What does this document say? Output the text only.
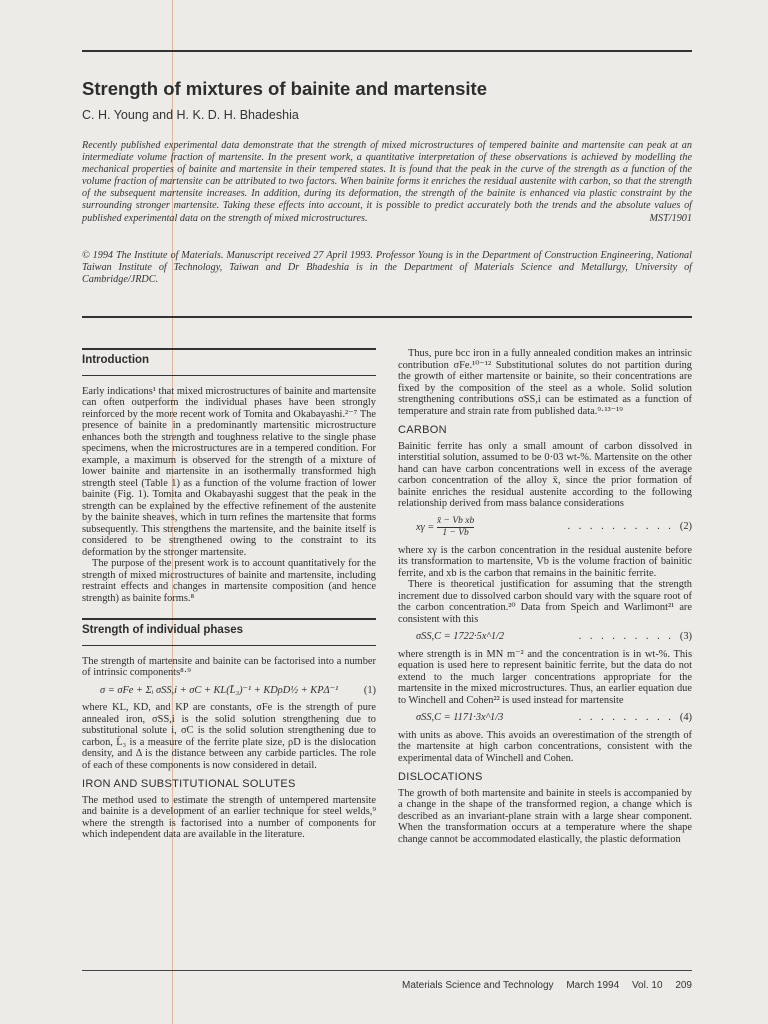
Strength of mixtures of bainite and martensite
C. H. Young and H. K. D. H. Bhadeshia
Recently published experimental data demonstrate that the strength of mixed microstructures of tempered bainite and martensite can peak at an intermediate volume fraction of martensite. In the present work, a quantitative interpretation of these observations is achieved by modelling the mechanical properties of bainite and martensite in their tempered states. It is found that the peak in the curve of the strength as a function of the volume fraction of martensite can be attributed to two factors. When bainite forms it enriches the residual austenite with carbon, so that the strength of the subsequent martensite increases. In addition, during its deformation, the strength of the bainite is enhanced via plastic constraint by the surrounding stronger martensite. Taking these effects into account, it is possible to predict accurately both the trends and the absolute values of published experimental data on the strength of mixed microstructures.	MST/1901
© 1994 The Institute of Materials. Manuscript received 27 April 1993. Professor Young is in the Department of Construction Engineering, National Taiwan Institute of Technology, Taiwan and Dr Bhadeshia is in the Department of Materials Science and Metallurgy, University of Cambridge/JRDC.
Introduction

Early indications¹ that mixed microstructures of bainite and martensite can often outperform the individual phases have been strongly reinforced by the more recent work of Tomita and Okabayashi.²⁻⁷ The presence of bainite in a predominantly martensitic microstructure enhances both the strength and toughness relative to the single phase specimens, when the microstructures are in a tempered condition. For example, a maximum is observed for the strength of a mixture of lower bainite and martensite in an isothermally transformed high strength steel (Table 1) as a function of the volume fraction of lower bainite (Fig. 1). Tomita and Okabayashi suggest that the peak in the strength can be explained by the effective refinement of the austenite by the bainite sheaves, which in turn refines the martensite that forms subsequently. This strengthens the martensite, and the bainite itself is considered to be strengthened owing to the constraint to its deformation by the stronger martensite.

The purpose of the present work is to account quantitatively for the strength of mixed microstructures of bainite and martensite, including restraint effects and changes in martensite composition (and hence strength) as bainite forms.⁸

Strength of individual phases

The strength of martensite and bainite can be factorised into a number of intrinsic components⁸·⁹

σ = σFe + Σᵢ σSS,i + σC + KL(L̄₃)⁻¹ + KDρD½ + KPΔ⁻¹ (1)

where KL, KD, and KP are constants, σFe is the strength of pure annealed iron, σSS,i is the solid solution strengthening due to substitutional solute i, σC is the solid solution strengthening due to carbon, L̄₃ is a measure of the ferrite plate size, ρD is the dislocation density, and Δ is the distance between any carbide particles. The role of each of these components is now considered in detail.

IRON AND SUBSTITUTIONAL SOLUTES

The method used to estimate the strength of untempered martensite and bainite is a development of an earlier technique for steel welds,⁹ where the strength is factorised into a number of components for which independent data are available in the literature.

Thus, pure bcc iron in a fully annealed condition makes an intrinsic contribution σFe.¹⁰⁻¹² Substitutional solutes do not partition during the growth of either martensite or bainite, so their concentrations are fixed by the composition of the steel as a whole. Solid solution strengthening contributions σSS,i can be estimated as a function of temperature and strain rate from published data.⁹·¹³⁻¹⁹

CARBON

Bainitic ferrite has only a small amount of carbon dissolved in interstitial solution, assumed to be 0·03 wt-%. Martensite on the other hand can have carbon concentrations well in excess of the average carbon concentration of the alloy x̄, since the prior formation of bainite enriches the residual austenite according to the following relationship derived from mass balance considerations

$x\gamma = \frac{\text{x̄ − Vb xb}}{1 - Vb}$	. . . . . . . . . . (2)

where xγ is the carbon concentration in the residual austenite before its transformation to martensite, Vb is the volume fraction of bainitic ferrite, and xb is the carbon that remains in the bainitic ferrite.

There is theoretical justification for assuming that the strength increment due to dissolved carbon should vary with the square root of the carbon concentration.²⁰ Data from Speich and Warlimont²¹ are consistent with this

σSS,C = 1722·5x^1/2	. . . . . . . . . (3)

where strength is in MN m⁻² and the concentration is in wt-%. This equation is used here to represent bainitic ferrite, but the data do not extend to the much larger concentrations appropriate for the martensite in the mixed microstructures. Thus, an earlier equation due to Winchell and Cohen²² is used instead for martensite

σSS,C = 1171·3x^1/3	. . . . . . . . . (4)

with units as above. This avoids an overestimation of the strength of the martensite at high carbon concentrations, consistent with the experimental data of Winchell and Cohen.

DISLOCATIONS

The growth of both martensite and bainite in steels is accompanied by a change in the shape of the transformed region, a change which is described as an invariant-plane strain with a large shear component. When the transformation occurs at a temperature where the shape change cannot be accommodated elastically, the plastic deformation

Materials Science and Technology March 1994 Vol. 10 209
